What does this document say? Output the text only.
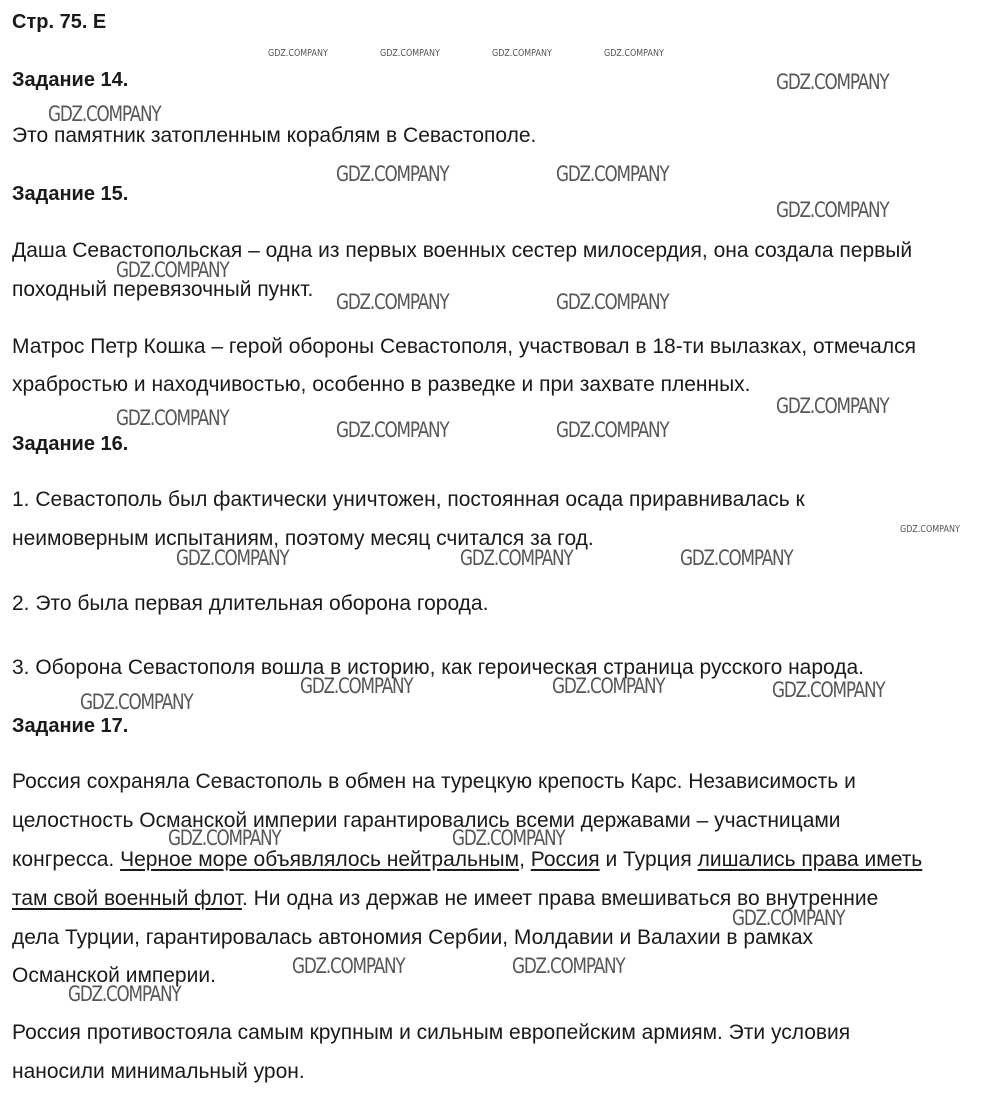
Стр. 75. Е
Задание 14.
Это памятник затопленным кораблям в Севастополе.
Задание 15.
Даша Севастопольская – одна из первых военных сестер милосердия, она создала первый
походный перевязочный пункт.
Матрос Петр Кошка – герой обороны Севастополя, участвовал в 18-ти вылазках, отмечался
храбростью и находчивостью, особенно в разведке и при захвате пленных.
Задание 16.
1. Севастополь был фактически уничтожен, постоянная осада приравнивалась к
неимоверным испытаниям, поэтому месяц считался за год.
2. Это была первая длительная оборона города.
3. Оборона Севастополя вошла в историю, как героическая страница русского народа.
Задание 17.
Россия сохраняла Севастополь в обмен на турецкую крепость Карс. Независимость и
целостность Османской империи гарантировались всеми державами – участницами
конгресса. Черное море объявлялось нейтральным, Россия и Турция лишались права иметь
там свой военный флот. Ни одна из держав не имеет права вмешиваться во внутренние
дела Турции, гарантировалась автономия Сербии, Молдавии и Валахии в рамках
Османской империи.
Россия противостояла самым крупным и сильным европейским армиям. Эти условия
наносили минимальный урон.
GDZ.COMPANY	GDZ.COMPANY	GDZ.COMPANY	GDZ.COMPANY
GDZ.COMPANY
GDZ.COMPANY
GDZ.COMPANY
GDZ.COMPANY	GDZ.COMPANY
GDZ.COMPANY
GDZ.COMPANY
GDZ.COMPANY	GDZ.COMPANY
GDZ.COMPANY
GDZ.COMPANY	GDZ.COMPANY	GDZ.COMPANY
GDZ.COMPANY	GDZ.COMPANY	GDZ.COMPANY
GDZ.COMPANY	GDZ.COMPANY	GDZ.COMPANY
GDZ.COMPANY
GDZ.COMPANY	GDZ.COMPANY
GDZ.COMPANY
GDZ.COMPANY	GDZ.COMPANY
GDZ.COMPANY
